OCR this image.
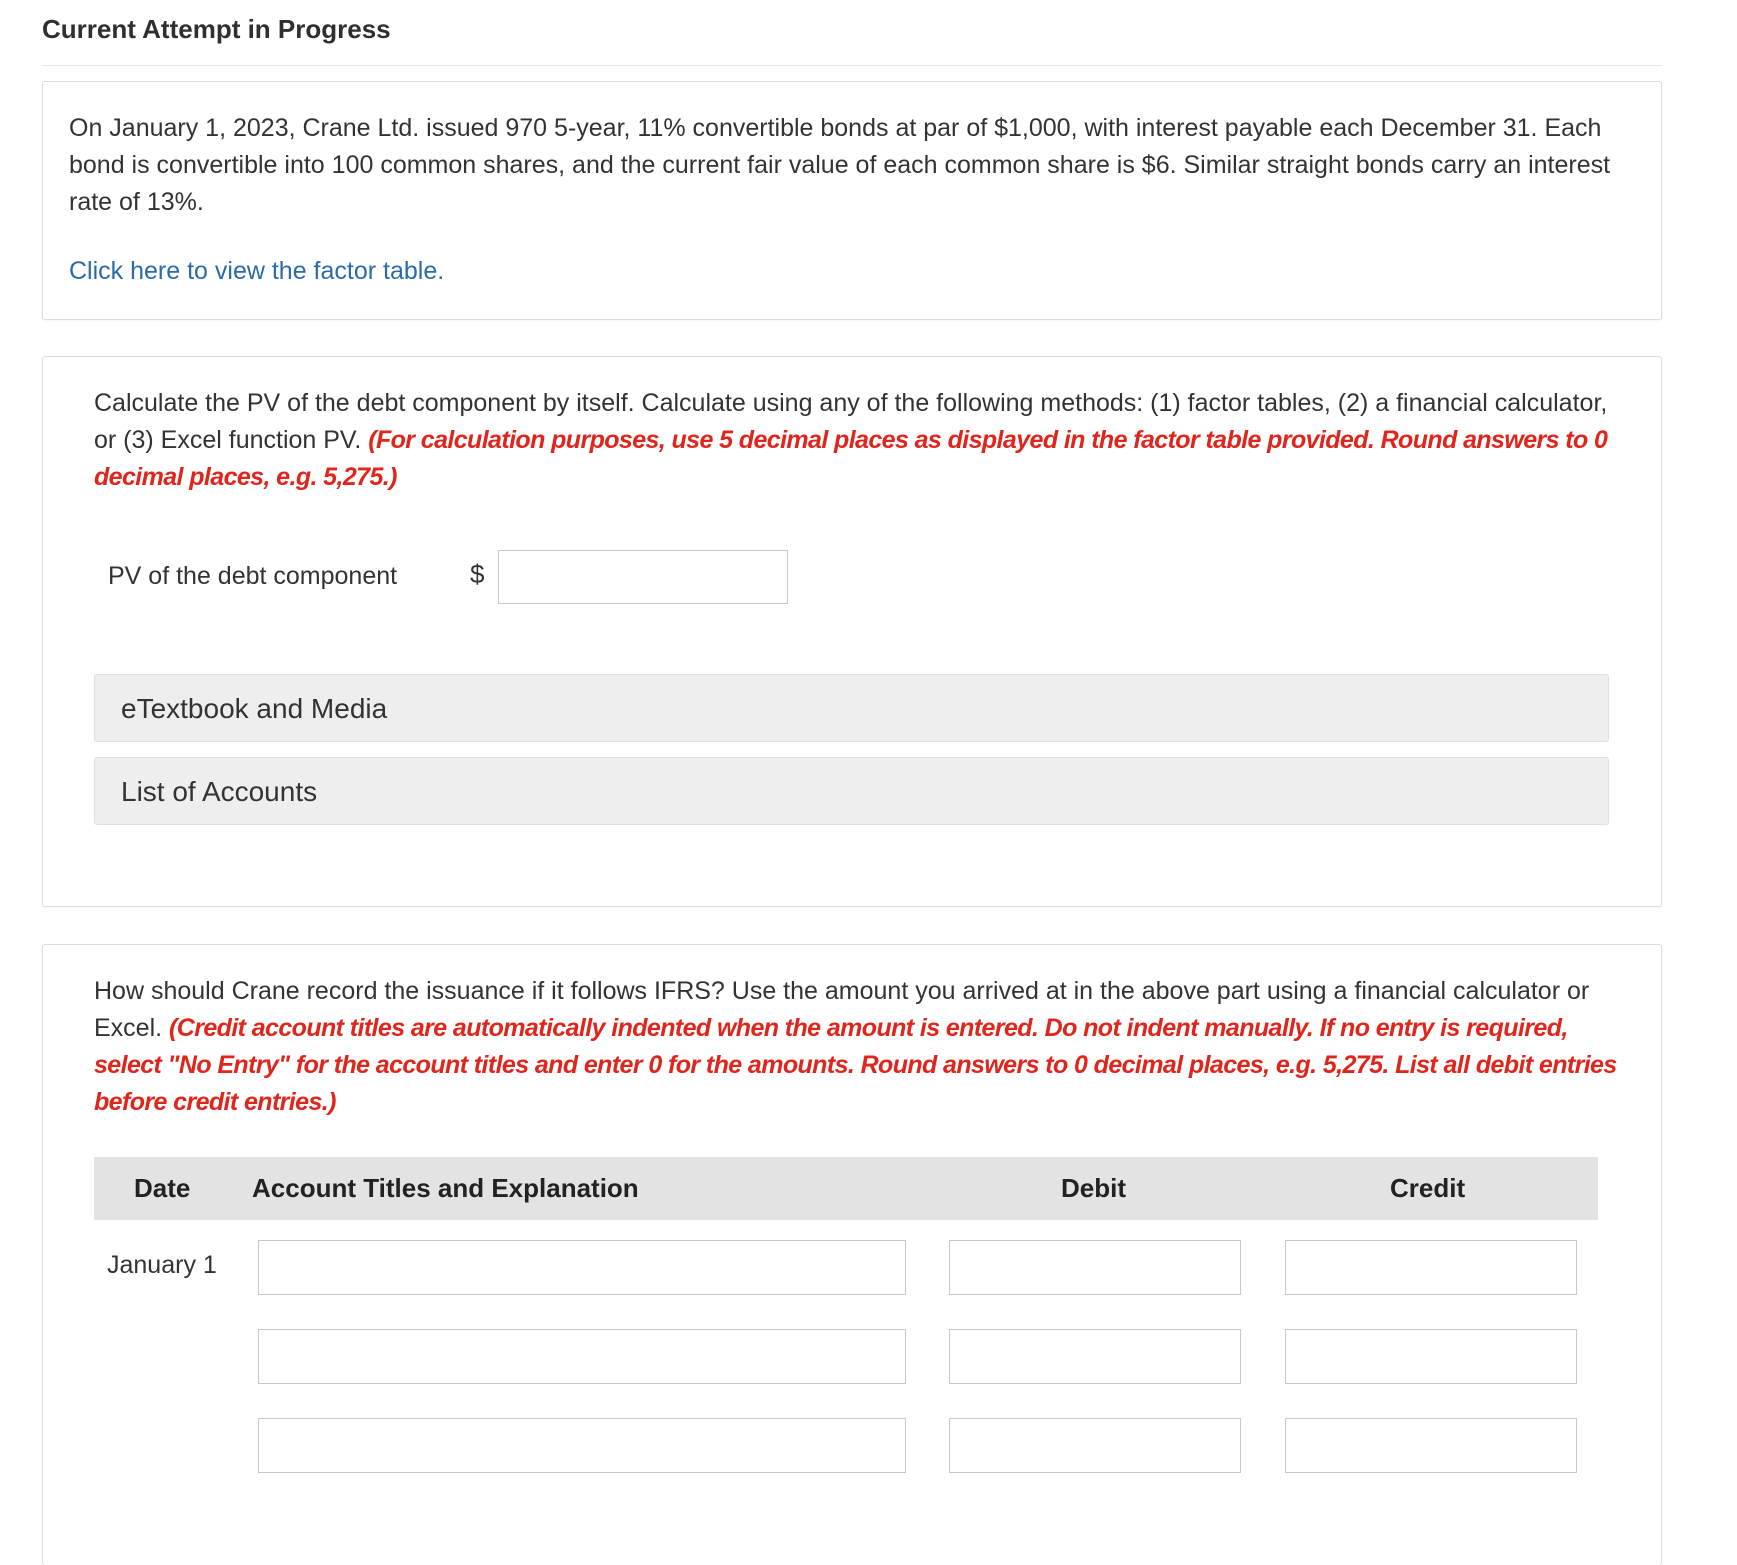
Current Attempt in Progress
On January 1, 2023, Crane Ltd. issued 970 5-year, 11% convertible bonds at par of $1,000, with interest payable each December 31. Each bond is convertible into 100 common shares, and the current fair value of each common share is $6. Similar straight bonds carry an interest rate of 13%.
Click here to view the factor table.
Calculate the PV of the debt component by itself. Calculate using any of the following methods: (1) factor tables, (2) a financial calculator, or (3) Excel function PV. (For calculation purposes, use 5 decimal places as displayed in the factor table provided. Round answers to 0 decimal places, e.g. 5,275.)
PV of the debt component	$
eTextbook and Media
List of Accounts
How should Crane record the issuance if it follows IFRS? Use the amount you arrived at in the above part using a financial calculator or Excel. (Credit account titles are automatically indented when the amount is entered. Do not indent manually. If no entry is required, select "No Entry" for the account titles and enter 0 for the amounts. Round answers to 0 decimal places, e.g. 5,275. List all debit entries before credit entries.)
Date Account Titles and Explanation	Debit	Credit
January 1
